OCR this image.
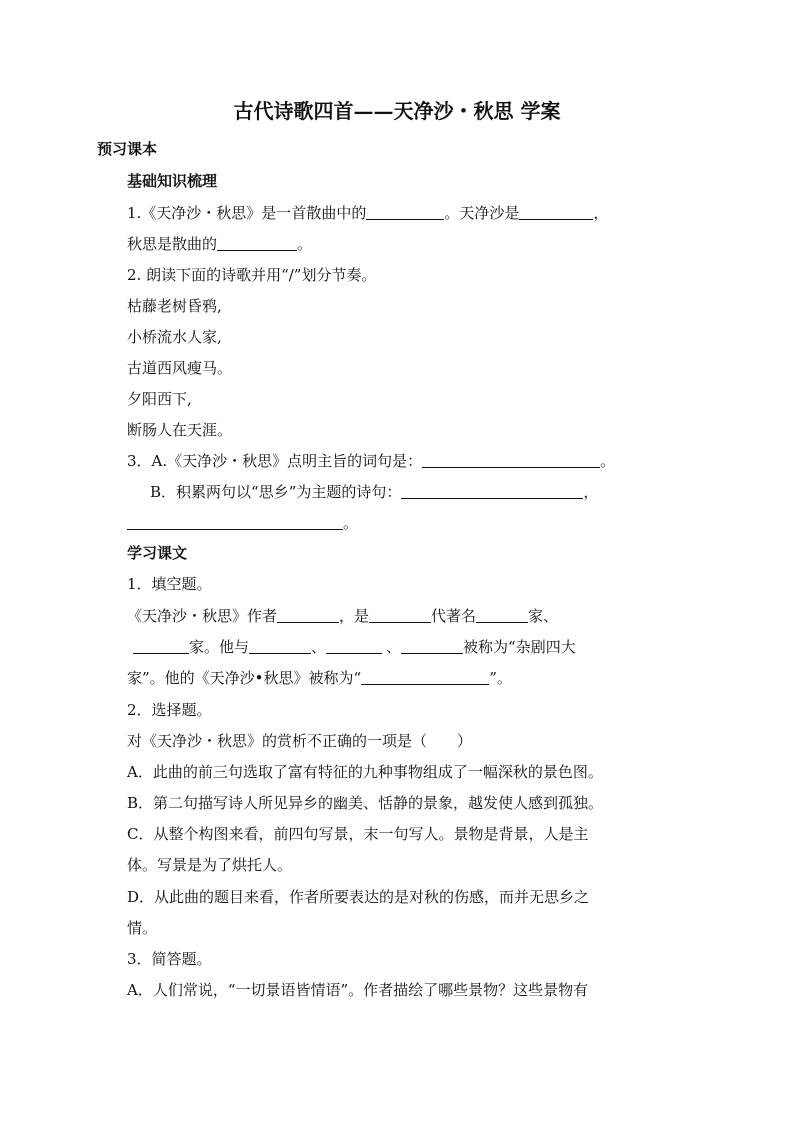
古代诗歌四首——天净沙・秋思 学案
预习课本
基础知识梳理
1.《天净沙・秋思》是一首散曲中的	。天净沙是	，
秋思是散曲的	。
2. 朗读下面的诗歌并用“/”划分节奏。
枯藤老树昏鸦,
小桥流水人家,
古道西风瘦马。
夕阳西下,
断肠人在天涯。
3．A.《天净沙・秋思》点明主旨的词句是：	。
B．积累两句以“思乡”为主题的诗句：	，
。
学习课文
1．填空题。
《天净沙・秋思》作者	，是	代著名	家、
家。他与	、	、	被称为“杂剧四大
家”。他的《天净沙•秋思》被称为“	”。
2．选择题。
对《天净沙・秋思》的赏析不正确的一项是（　　）
A．此曲的前三句选取了富有特征的九种事物组成了一幅深秋的景色图。
B．第二句描写诗人所见异乡的幽美、恬静的景象，越发使人感到孤独。
C．从整个构图来看，前四句写景，末一句写人。景物是背景，人是主
体。写景是为了烘托人。
D．从此曲的题目来看，作者所要表达的是对秋的伤感，而并无思乡之
情。
3．简答题。
A．人们常说，“一切景语皆情语”。作者描绘了哪些景物？这些景物有
